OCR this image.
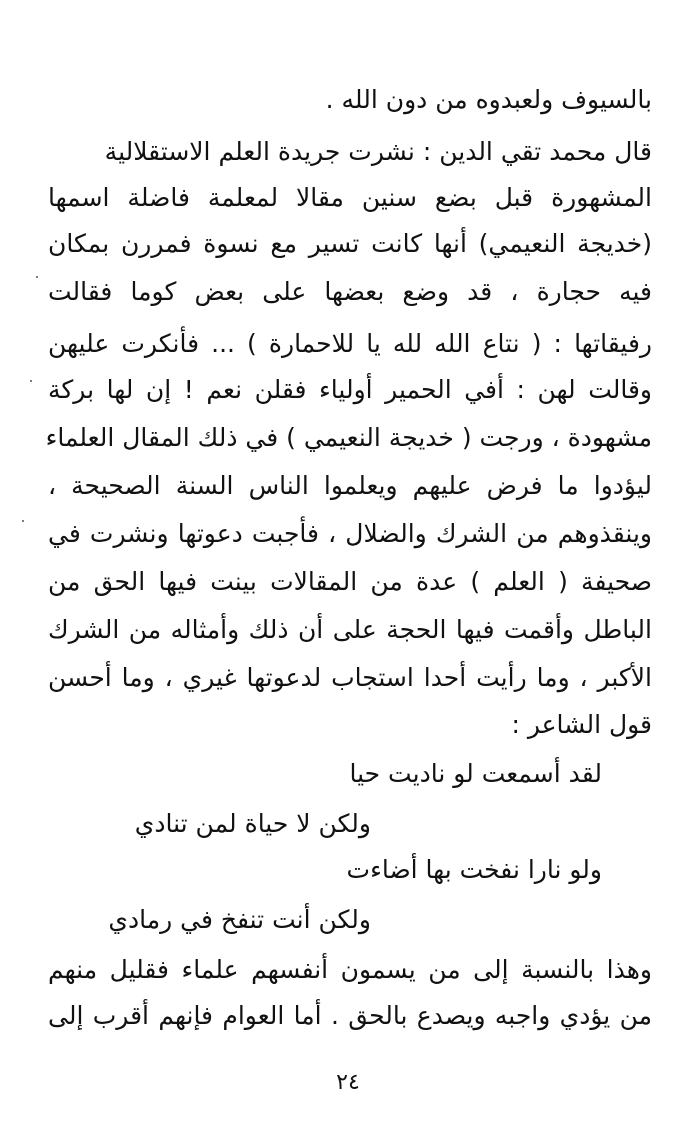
بالسيوف ولعبدوه من دون الله .
قال محمد تقي الدين : نشرت جريدة العلم الاستقلالية
المشهورة قبل بضع سنين مقالا لمعلمة فاضلة اسمها
(خديجة النعيمي) أنها كانت تسير مع نسوة فمررن بمكان
فيه حجارة ، قد وضع بعضها على بعض كوما فقالت
رفيقاتها : ( نتاع الله لله يا للاحمارة ) ... فأنكرت عليهن
وقالت لهن : أفي الحمير أولياء فقلن نعم ! إن لها بركة
مشهودة ، ورجت ( خديجة النعيمي ) في ذلك المقال العلماء
ليؤدوا ما فرض عليهم ويعلموا الناس السنة الصحيحة ،
وينقذوهم من الشرك والضلال ، فأجبت دعوتها ونشرت في
صحيفة ( العلم ) عدة من المقالات بينت فيها الحق من
الباطل وأقمت فيها الحجة على أن ذلك وأمثاله من الشرك
الأكبر ، وما رأيت أحدا استجاب لدعوتها غيري ، وما أحسن
قول الشاعر :
لقد أسمعت لو ناديت حيا
ولكن لا حياة لمن تنادي
ولو نارا نفخت بها أضاءت
ولكن أنت تنفخ في رمادي
وهذا بالنسبة إلى من يسمون أنفسهم علماء فقليل منهم
من يؤدي واجبه ويصدع بالحق . أما العوام فإنهم أقرب إلى
٢٤
